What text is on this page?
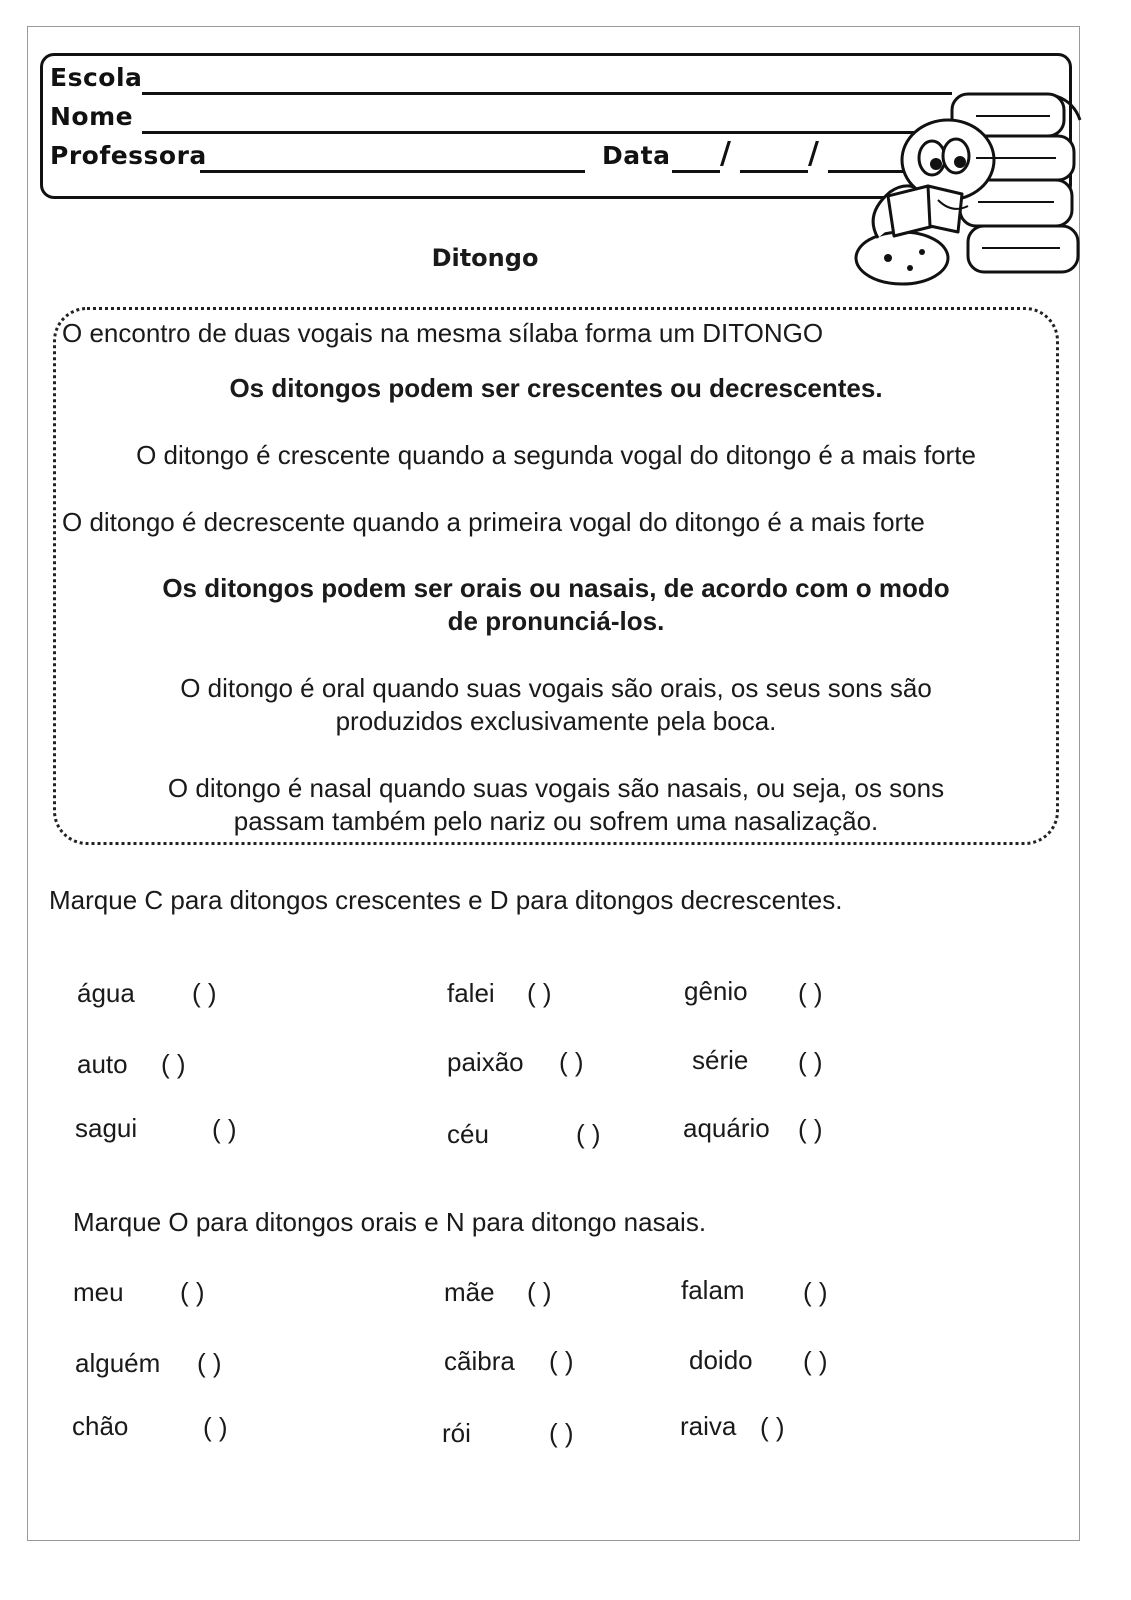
Escola
Nome
Professora	Data /	/
Ditongo
O encontro de duas vogais na mesma sílaba forma um DITONGO
Os ditongos podem ser crescentes ou decrescentes.
O ditongo é crescente quando a segunda vogal do ditongo é a mais forte
O ditongo é decrescente quando a primeira vogal do ditongo é a mais forte
Os ditongos podem ser orais ou nasais, de acordo com o modo
de pronunciá-los.
O ditongo é oral quando suas vogais são orais, os seus sons são
produzidos exclusivamente pela boca.
O ditongo é nasal quando suas vogais são nasais, ou seja, os sons
passam também pelo nariz ou sofrem uma nasalização.
Marque C para ditongos crescentes e D para ditongos decrescentes.
água ( )	falei ( )	gênio ( )
auto ( )	paixão ( )	série ( )
sagui	( )	céu	( )	aquário ( )
Marque O para ditongos orais e N para ditongo nasais.
meu ( )	mãe ( )	falam ( )
alguém ( )	cãibra ( )	doido ( )
chão	( )	rói	( )	raiva ( )
